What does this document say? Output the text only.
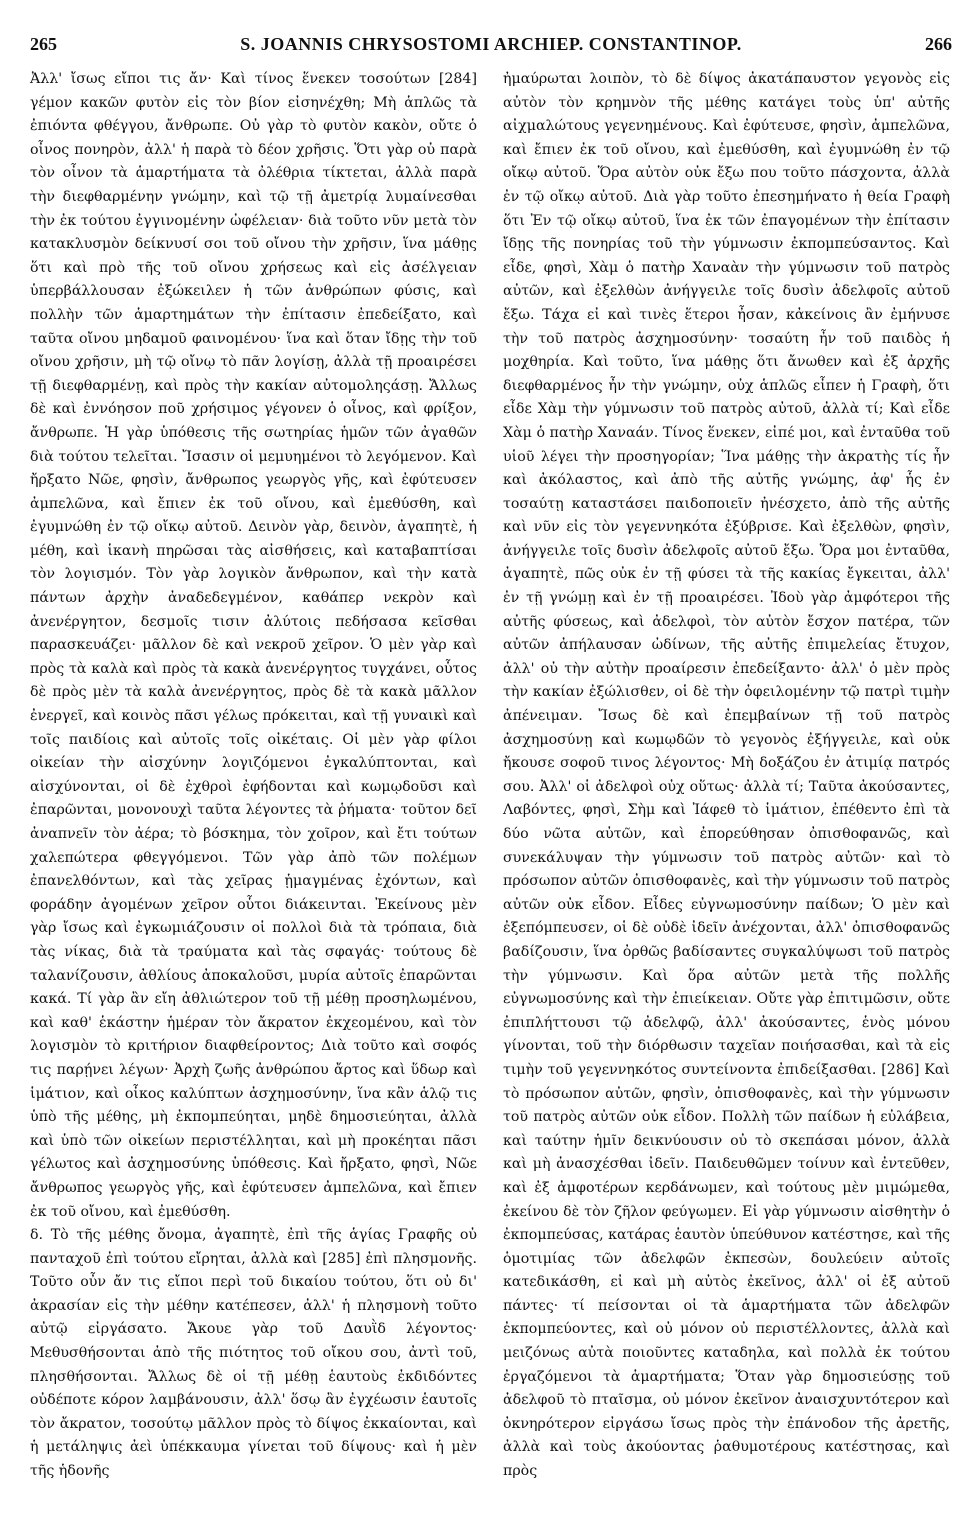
265	S. JOANNIS CHRYSOSTOMI ARCHIEP. CONSTANTINOP.	266

Ἀλλ' ἴσως εἴποι τις ἄν· Καὶ τίνος ἕνεκεν τοσούτων [284] γέμον κακῶν φυτὸν εἰς τὸν βίον εἰσηνέχθη; Μὴ ἁπλῶς τὰ ἐπιόντα φθέγγου, ἄνθρωπε. Οὐ γὰρ τὸ φυτὸν κακὸν, οὔτε ὁ οἶνος πονηρὸν, ἀλλ' ἡ παρὰ τὸ δέον χρῆσις. Ὅτι γὰρ οὐ παρὰ τὸν οἶνον τὰ ἁμαρτήματα τὰ ὀλέθρια τίκτεται, ἀλλὰ παρὰ τὴν διεφθαρμένην γνώμην, καὶ τῷ τῇ ἀμετρίᾳ λυμαίνεσθαι τὴν ἐκ τούτου ἐγγινομένην ὠφέλειαν· διὰ τοῦτο νῦν μετὰ τὸν κατακλυσμὸν δείκνυσί σοι τοῦ οἴνου τὴν χρῆσιν, ἵνα μάθῃς ὅτι καὶ πρὸ τῆς τοῦ οἴνου χρήσεως καὶ εἰς ἀσέλγειαν ὑπερβάλλουσαν ἐξώκειλεν ἡ τῶν ἀνθρώπων φύσις, καὶ πολλὴν τῶν ἁμαρτημάτων τὴν ἐπίτασιν ἐπεδείξατο, καὶ ταῦτα οἴνου μηδαμοῦ φαινομένου· ἵνα καὶ ὅταν ἴδῃς τὴν τοῦ οἴνου χρῆσιν, μὴ τῷ οἴνῳ τὸ πᾶν λογίσῃ, ἀλλὰ τῇ προαιρέσει τῇ διεφθαρμένῃ, καὶ πρὸς τὴν κακίαν αὐτομοληςάσῃ. Ἄλλως δὲ καὶ ἐννόησον ποῦ χρήσιμος γέγονεν ὁ οἶνος, καὶ φρίξον, ἄνθρωπε. Ἡ γὰρ ὑπόθεσις τῆς σωτηρίας ἡμῶν τῶν ἀγαθῶν διὰ τούτου τελεῖται. Ἴσασιν οἱ μεμυημένοι τὸ λεγόμενον. Καὶ ἤρξατο Νῶε, φησὶν, ἄνθρωπος γεωργὸς γῆς, καὶ ἐφύτευσεν ἀμπελῶνα, καὶ ἔπιεν ἐκ τοῦ οἴνου, καὶ ἐμεθύσθη, καὶ ἐγυμνώθη ἐν τῷ οἴκῳ αὐτοῦ. Δεινὸν γὰρ, δεινὸν, ἀγαπητὲ, ἡ μέθη, καὶ ἱκανὴ πηρῶσαι τὰς αἰσθήσεις, καὶ καταβαπτίσαι τὸν λογισμόν. Τὸν γὰρ λογικὸν ἄνθρωπον, καὶ τὴν κατὰ πάντων ἀρχὴν ἀναδεδεγμένον, καθάπερ νεκρὸν καὶ ἀνενέργητον, δεσμοῖς τισιν ἀλύτοις πεδήσασα κεῖσθαι παρασκευάζει· μᾶλλον δὲ καὶ νεκροῦ χεῖρον. Ὁ μὲν γὰρ καὶ πρὸς τὰ καλὰ καὶ πρὸς τὰ κακὰ ἀνενέργητος τυγχάνει, οὗτος δὲ πρὸς μὲν τὰ καλὰ ἀνενέργητος, πρὸς δὲ τὰ κακὰ μᾶλλον ἐνεργεῖ, καὶ κοινὸς πᾶσι γέλως πρόκειται, καὶ τῇ γυναικὶ καὶ τοῖς παιδίοις καὶ αὐτοῖς τοῖς οἰκέταις. Οἱ μὲν γὰρ φίλοι οἰκείαν τὴν αἰσχύνην λογιζόμενοι ἐγκαλύπτονται, καὶ αἰσχύνονται, οἱ δὲ ἐχθροὶ ἐφήδονται καὶ κωμῳδοῦσι καὶ ἐπαρῶνται, μονονουχὶ ταῦτα λέγοντες τὰ ῥήματα· τοῦτον δεῖ ἀναπνεῖν τὸν ἀέρα; τὸ βόσκημα, τὸν χοῖρον, καὶ ἔτι τούτων χαλεπώτερα φθεγγόμενοι. Τῶν γὰρ ἀπὸ τῶν πολέμων ἐπανελθόντων, καὶ τὰς χεῖρας ᾑμαγμένας ἐχόντων, καὶ φοράδην ἀγομένων χεῖρον οὗτοι διάκεινται. Ἐκείνους μὲν γὰρ ἴσως καὶ ἐγκωμιάζουσιν οἱ πολλοὶ διὰ τὰ τρόπαια, διὰ τὰς νίκας, διὰ τὰ τραύματα καὶ τὰς σφαγάς· τούτους δὲ ταλανίζουσιν, ἀθλίους ἀποκαλοῦσι, μυρία αὐτοῖς ἐπαρῶνται κακά. Τί γὰρ ἂν εἴη ἀθλιώτερον τοῦ τῇ μέθῃ προσηλωμένου, καὶ καθ' ἑκάστην ἡμέραν τὸν ἄκρατον ἐκχεομένου, καὶ τὸν λογισμὸν τὸ κριτήριον διαφθείροντος; Διὰ τοῦτο καὶ σοφός τις παρῄνει λέγων· Ἀρχὴ ζωῆς ἀνθρώπου ἄρτος καὶ ὕδωρ καὶ ἱμάτιον, καὶ οἶκος καλύπτων ἀσχημοσύνην, ἵνα κἂν ἁλῷ τις ὑπὸ τῆς μέθης, μὴ ἐκπομπεύηται, μηδὲ δημοσιεύηται, ἀλλὰ καὶ ὑπὸ τῶν οἰκείων περιστέλληται, καὶ μὴ προκέηται πᾶσι γέλωτος καὶ ἀσχημοσύνης ὑπόθεσις. Καὶ ἤρξατο, φησὶ, Νῶε ἄνθρωπος γεωργὸς γῆς, καὶ ἐφύτευσεν ἀμπελῶνα, καὶ ἔπιεν ἐκ τοῦ οἴνου, καὶ ἐμεθύσθη.

δ. Τὸ τῆς μέθης ὄνομα, ἀγαπητὲ, ἐπὶ τῆς ἁγίας Γραφῆς οὐ πανταχοῦ ἐπὶ τούτου εἴρηται, ἀλλὰ καὶ [285] ἐπὶ πλησμονῆς. Τοῦτο οὖν ἄν τις εἴποι περὶ τοῦ δικαίου τούτου, ὅτι οὐ δι' ἀκρασίαν εἰς τὴν μέθην κατέπεσεν, ἀλλ' ἡ πλησμονὴ τοῦτο αὐτῷ εἰργάσατο. Ἄκουε γὰρ τοῦ Δαυῒδ λέγοντος· Μεθυσθήσονται ἀπὸ τῆς πιότητος τοῦ οἴκου σου, ἀντὶ τοῦ, πλησθήσονται. Ἄλλως δὲ οἱ τῇ μέθῃ ἑαυτοὺς ἐκδιδόντες οὐδέποτε κόρον λαμβάνουσιν, ἀλλ' ὅσῳ ἂν ἐγχέωσιν ἑαυτοῖς τὸν ἄκρατον, τοσούτῳ μᾶλλον πρὸς τὸ δίψος ἐκκαίονται, καὶ ἡ μετάληψις ἀεὶ ὑπέκκαυμα γίνεται τοῦ δίψους· καὶ ἡ μὲν τῆς ἡδονῆς

ἠμαύρωται λοιπὸν, τὸ δὲ δίψος ἀκατάπαυστον γεγονὸς εἰς αὐτὸν τὸν κρημνὸν τῆς μέθης κατάγει τοὺς ὑπ' αὐτῆς αἰχμαλώτους γεγενημένους. Καὶ ἐφύτευσε, φησὶν, ἀμπελῶνα, καὶ ἔπιεν ἐκ τοῦ οἴνου, καὶ ἐμεθύσθη, καὶ ἐγυμνώθη ἐν τῷ οἴκῳ αὐτοῦ. Ὅρα αὐτὸν οὐκ ἔξω που τοῦτο πάσχοντα, ἀλλὰ ἐν τῷ οἴκῳ αὐτοῦ. Διὰ γὰρ τοῦτο ἐπεσημήνατο ἡ θεία Γραφὴ ὅτι Ἐν τῷ οἴκῳ αὐτοῦ, ἵνα ἐκ τῶν ἐπαγομένων τὴν ἐπίτασιν ἴδῃς τῆς πονηρίας τοῦ τὴν γύμνωσιν ἐκπομπεύσαντος. Καὶ εἶδε, φησὶ, Χὰμ ὁ πατὴρ Χαναὰν τὴν γύμνωσιν τοῦ πατρὸς αὐτῶν, καὶ ἐξελθὼν ἀνήγγειλε τοῖς δυσὶν ἀδελφοῖς αὐτοῦ ἔξω. Τάχα εἰ καὶ τινὲς ἕτεροι ἦσαν, κἀκείνοις ἂν ἐμήνυσε τὴν τοῦ πατρὸς ἀσχημοσύνην· τοσαύτη ἦν τοῦ παιδὸς ἡ μοχθηρία. Καὶ τοῦτο, ἵνα μάθῃς ὅτι ἄνωθεν καὶ ἐξ ἀρχῆς διεφθαρμένος ἦν τὴν γνώμην, οὐχ ἁπλῶς εἶπεν ἡ Γραφὴ, ὅτι εἶδε Χὰμ τὴν γύμνωσιν τοῦ πατρὸς αὐτοῦ, ἀλλὰ τί; Καὶ εἶδε Χὰμ ὁ πατὴρ Χαναάν. Τίνος ἕνεκεν, εἰπέ μοι, καὶ ἐνταῦθα τοῦ υἱοῦ λέγει τὴν προσηγορίαν; Ἵνα μάθῃς τὴν ἀκρατὴς τίς ἦν καὶ ἀκόλαστος, καὶ ἀπὸ τῆς αὐτῆς γνώμης, ἀφ' ἧς ἐν τοσαύτῃ καταστάσει παιδοποιεῖν ἠνέσχετο, ἀπὸ τῆς αὐτῆς καὶ νῦν εἰς τὸν γεγεννηκότα ἐξύβρισε. Καὶ ἐξελθὼν, φησὶν, ἀνήγγειλε τοῖς δυσὶν ἀδελφοῖς αὐτοῦ ἔξω. Ὅρα μοι ἐνταῦθα, ἀγαπητὲ, πῶς οὐκ ἐν τῇ φύσει τὰ τῆς κακίας ἔγκειται, ἀλλ' ἐν τῇ γνώμῃ καὶ ἐν τῇ προαιρέσει. Ἰδοὺ γὰρ ἀμφότεροι τῆς αὐτῆς φύσεως, καὶ ἀδελφοὶ, τὸν αὐτὸν ἔσχον πατέρα, τῶν αὐτῶν ἀπήλαυσαν ὠδίνων, τῆς αὐτῆς ἐπιμελείας ἔτυχον, ἀλλ' οὐ τὴν αὐτὴν προαίρεσιν ἐπεδείξαντο· ἀλλ' ὁ μὲν πρὸς τὴν κακίαν ἐξώλισθεν, οἱ δὲ τὴν ὀφειλομένην τῷ πατρὶ τιμὴν ἀπένειμαν. Ἴσως δὲ καὶ ἐπεμβαίνων τῇ τοῦ πατρὸς ἀσχημοσύνῃ καὶ κωμῳδῶν τὸ γεγονὸς ἐξήγγειλε, καὶ οὐκ ἤκουσε σοφοῦ τινος λέγοντος· Μὴ δοξάζου ἐν ἀτιμίᾳ πατρός σου. Ἀλλ' οἱ ἀδελφοὶ οὐχ οὕτως· ἀλλὰ τί; Ταῦτα ἀκούσαντες, Λαβόντες, φησὶ, Σὴμ καὶ Ἰάφεθ τὸ ἱμάτιον, ἐπέθεντο ἐπὶ τὰ δύο νῶτα αὐτῶν, καὶ ἐπορεύθησαν ὀπισθοφανῶς, καὶ συνεκάλυψαν τὴν γύμνωσιν τοῦ πατρὸς αὐτῶν· καὶ τὸ πρόσωπον αὐτῶν ὀπισθοφανὲς, καὶ τὴν γύμνωσιν τοῦ πατρὸς αὐτῶν οὐκ εἶδον. Εἶδες εὐγνωμοσύνην παίδων; Ὁ μὲν καὶ ἐξεπόμπευσεν, οἱ δὲ οὐδὲ ἰδεῖν ἀνέχονται, ἀλλ' ὀπισθοφανῶς βαδίζουσιν, ἵνα ὀρθῶς βαδίσαντες συγκαλύψωσι τοῦ πατρὸς τὴν γύμνωσιν. Καὶ ὅρα αὐτῶν μετὰ τῆς πολλῆς εὐγνωμοσύνης καὶ τὴν ἐπιείκειαν. Οὔτε γὰρ ἐπιτιμῶσιν, οὔτε ἐπιπλήττουσι τῷ ἀδελφῷ, ἀλλ' ἀκούσαντες, ἑνὸς μόνου γίνονται, τοῦ τὴν διόρθωσιν ταχεῖαν ποιήσασθαι, καὶ τὰ εἰς τιμὴν τοῦ γεγεννηκότος συντείνοντα ἐπιδείξασθαι. [286] Καὶ τὸ πρόσωπον αὐτῶν, φησὶν, ὀπισθοφανὲς, καὶ τὴν γύμνωσιν τοῦ πατρὸς αὐτῶν οὐκ εἶδον. Πολλὴ τῶν παίδων ἡ εὐλάβεια, καὶ ταύτην ἡμῖν δεικνύουσιν οὐ τὸ σκεπάσαι μόνον, ἀλλὰ καὶ μὴ ἀνασχέσθαι ἰδεῖν. Παιδευθῶμεν τοίνυν καὶ ἐντεῦθεν, καὶ ἐξ ἀμφοτέρων κερδάνωμεν, καὶ τούτους μὲν μιμώμεθα, ἐκείνου δὲ τὸν ζῆλον φεύγωμεν. Εἰ γὰρ γύμνωσιν αἰσθητὴν ὁ ἐκπομπεύσας, κατάρας ἑαυτὸν ὑπεύθυνον κατέστησε, καὶ τῆς ὁμοτιμίας τῶν ἀδελφῶν ἐκπεσὼν, δουλεύειν αὐτοῖς κατεδικάσθη, εἰ καὶ μὴ αὐτὸς ἐκεῖνος, ἀλλ' οἱ ἐξ αὐτοῦ πάντες· τί πείσονται οἱ τὰ ἁμαρτήματα τῶν ἀδελφῶν ἐκπομπεύοντες, καὶ οὐ μόνον οὐ περιστέλλοντες, ἀλλὰ καὶ μειζόνως αὐτὰ ποιοῦντες καταδηλα, καὶ πολλὰ ἐκ τούτου ἐργαζόμενοι τὰ ἁμαρτήματα; Ὅταν γὰρ δημοσιεύσῃς τοῦ ἀδελφοῦ τὸ πταῖσμα, οὐ μόνον ἐκεῖνον ἀναισχυντότερον καὶ ὀκνηρότερον εἰργάσω ἴσως πρὸς τὴν ἐπάνοδον τῆς ἀρετῆς, ἀλλὰ καὶ τοὺς ἀκούοντας ῥαθυμοτέρους κατέστησας, καὶ πρὸς
